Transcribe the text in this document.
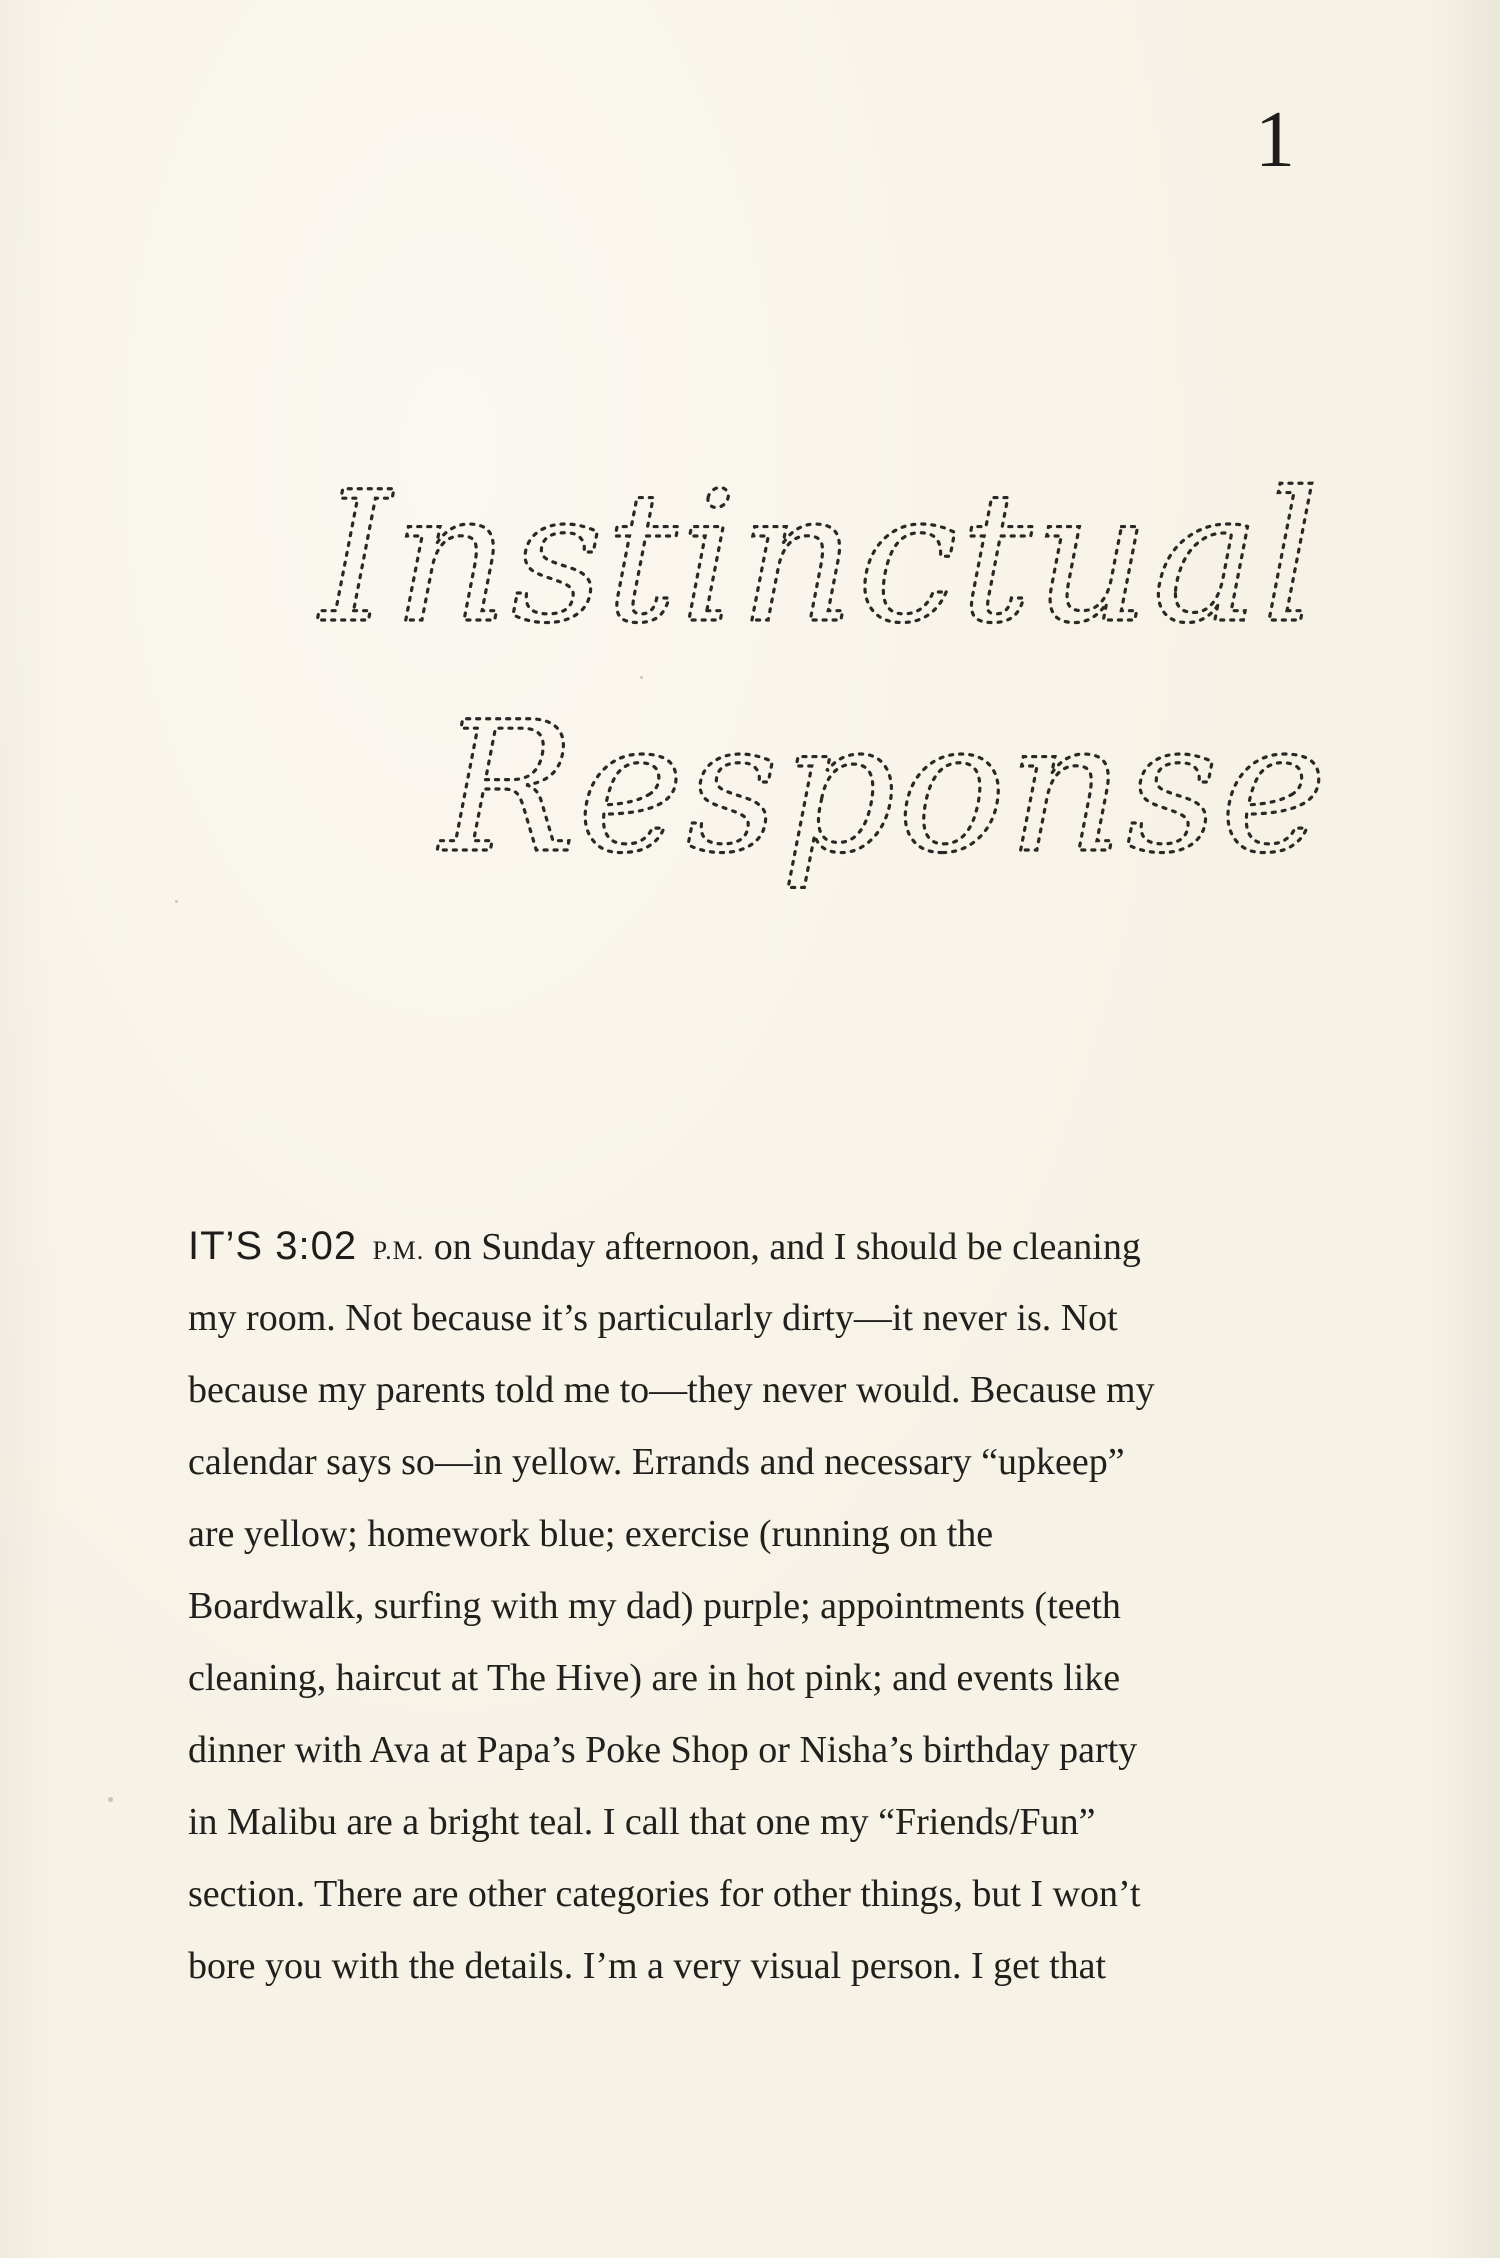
1
Instinctual
Response
IT’S 3:02 P.M. on Sunday afternoon, and I should be cleaning
my room. Not because it’s particularly dirty—it never is. Not
because my parents told me to—they never would. Because my
calendar says so—in yellow. Errands and necessary “upkeep”
are yellow; homework blue; exercise (running on the
Boardwalk, surfing with my dad) purple; appointments (teeth
cleaning, haircut at The Hive) are in hot pink; and events like
dinner with Ava at Papa’s Poke Shop or Nisha’s birthday party
in Malibu are a bright teal. I call that one my “Friends/Fun”
section. There are other categories for other things, but I won’t
bore you with the details. I’m a very visual person. I get that
